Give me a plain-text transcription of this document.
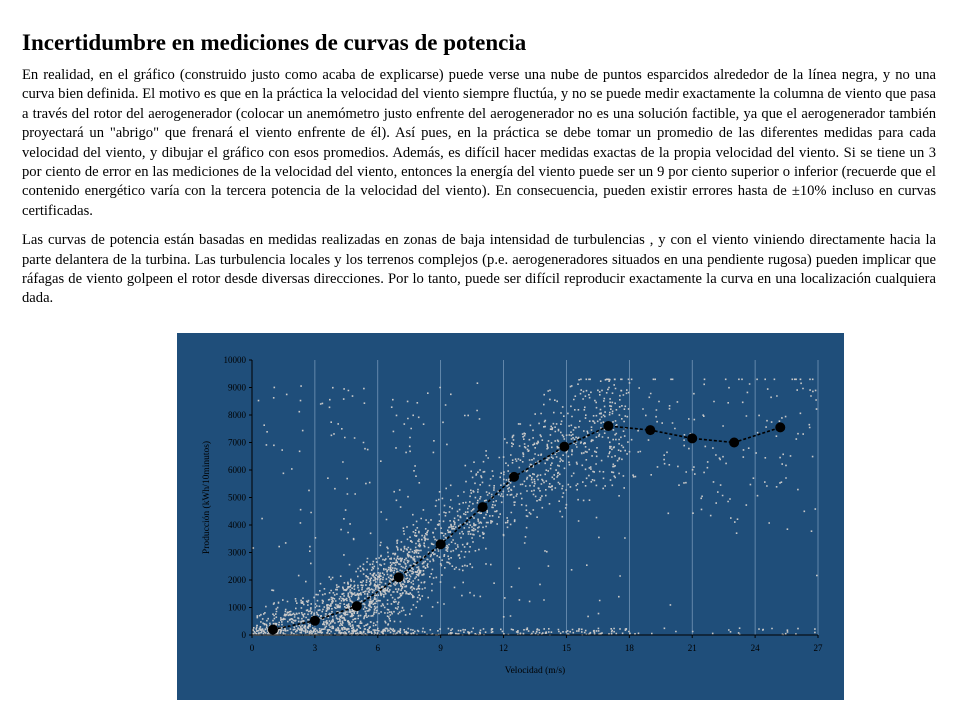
Incertidumbre en mediciones de curvas de potencia

En realidad, en el gráfico (construido justo como acaba de explicarse) puede verse una nube de puntos esparcidos alrededor de la línea negra, y no una curva bien definida. El motivo es que en la práctica la velocidad del viento siempre fluctúa, y no se puede medir exactamente la columna de viento que pasa a través del rotor del aerogenerador (colocar un anemómetro justo enfrente del aerogenerador no es una solución factible, ya que el aerogenerador también proyectará un "abrigo" que frenará el viento enfrente de él). Así pues, en la práctica se debe tomar un promedio de las diferentes medidas para cada velocidad del viento, y dibujar el gráfico con esos promedios. Además, es difícil hacer medidas exactas de la propia velocidad del viento. Si se tiene un 3 por ciento de error en las mediciones de la velocidad del viento, entonces la energía del viento puede ser un 9 por ciento superior o inferior (recuerde que el contenido energético varía con la tercera potencia de la velocidad del viento). En consecuencia, pueden existir errores hasta de ±10% incluso en curvas certificadas.

Las curvas de potencia están basadas en medidas realizadas en zonas de baja intensidad de turbulencias , y con el viento viniendo directamente hacia la parte delantera de la turbina. Las turbulencia locales y los terrenos complejos (p.e. aerogeneradores situados en una pendiente rugosa) pueden implicar que ráfagas de viento golpeen el rotor desde diversas direcciones. Por lo tanto, puede ser difícil reproducir exactamente la curva en una localización cualquiera dada.

0
1000
2000
3000
4000
5000
6000
7000
8000
9000
10000
0	3	6	9	12	15	18	21	24	27
Velocidad (m/s)
Producción (kWh/10minutos)
